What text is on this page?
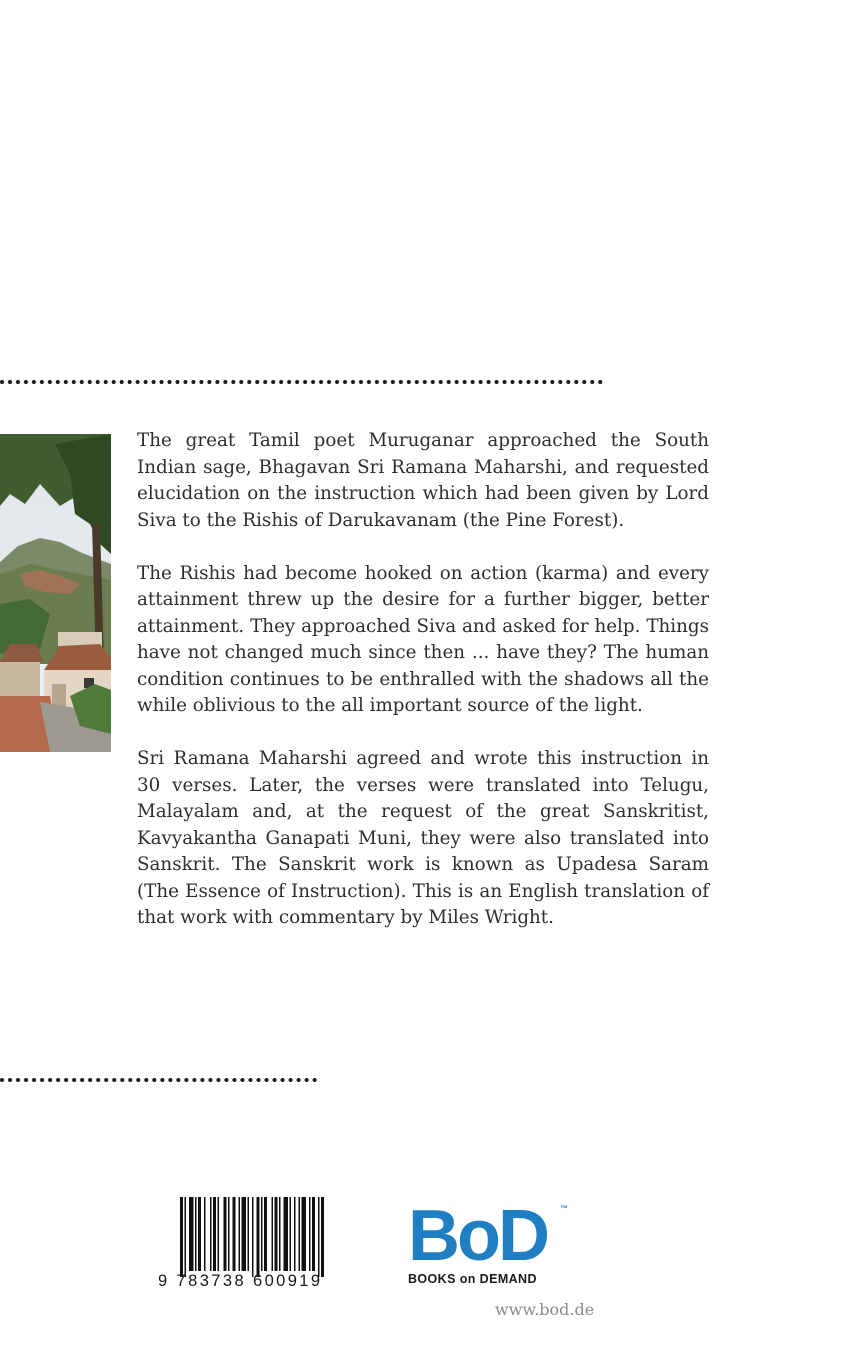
The great Tamil poet Muruganar approached the South Indian sage, Bhagavan Sri Ramana Maharshi, and requested elucidation on the instruction which had been given by Lord Siva to the Rishis of Darukavanam (the Pine Forest).

The Rishis had become hooked on action (karma) and every attainment threw up the desire for a further bigger, better attainment. They approached Siva and asked for help. Things have not changed much since then ... have they? The human condition continues to be enthralled with the shadows all the while oblivious to the all important source of the light.

Sri Ramana Maharshi agreed and wrote this instruction in 30 verses. Later, the verses were translated into Telugu, Malayalam and, at the request of the great Sanskritist, Kavyakantha Ganapati Muni, they were also translated into Sanskrit. The Sanskrit work is known as Upadesa Saram (The Essence of Instruction). This is an English translation of that work with commentary by Miles Wright.

9 783738 600919
BoD	™
BOOKS on DEMAND
www.bod.de
